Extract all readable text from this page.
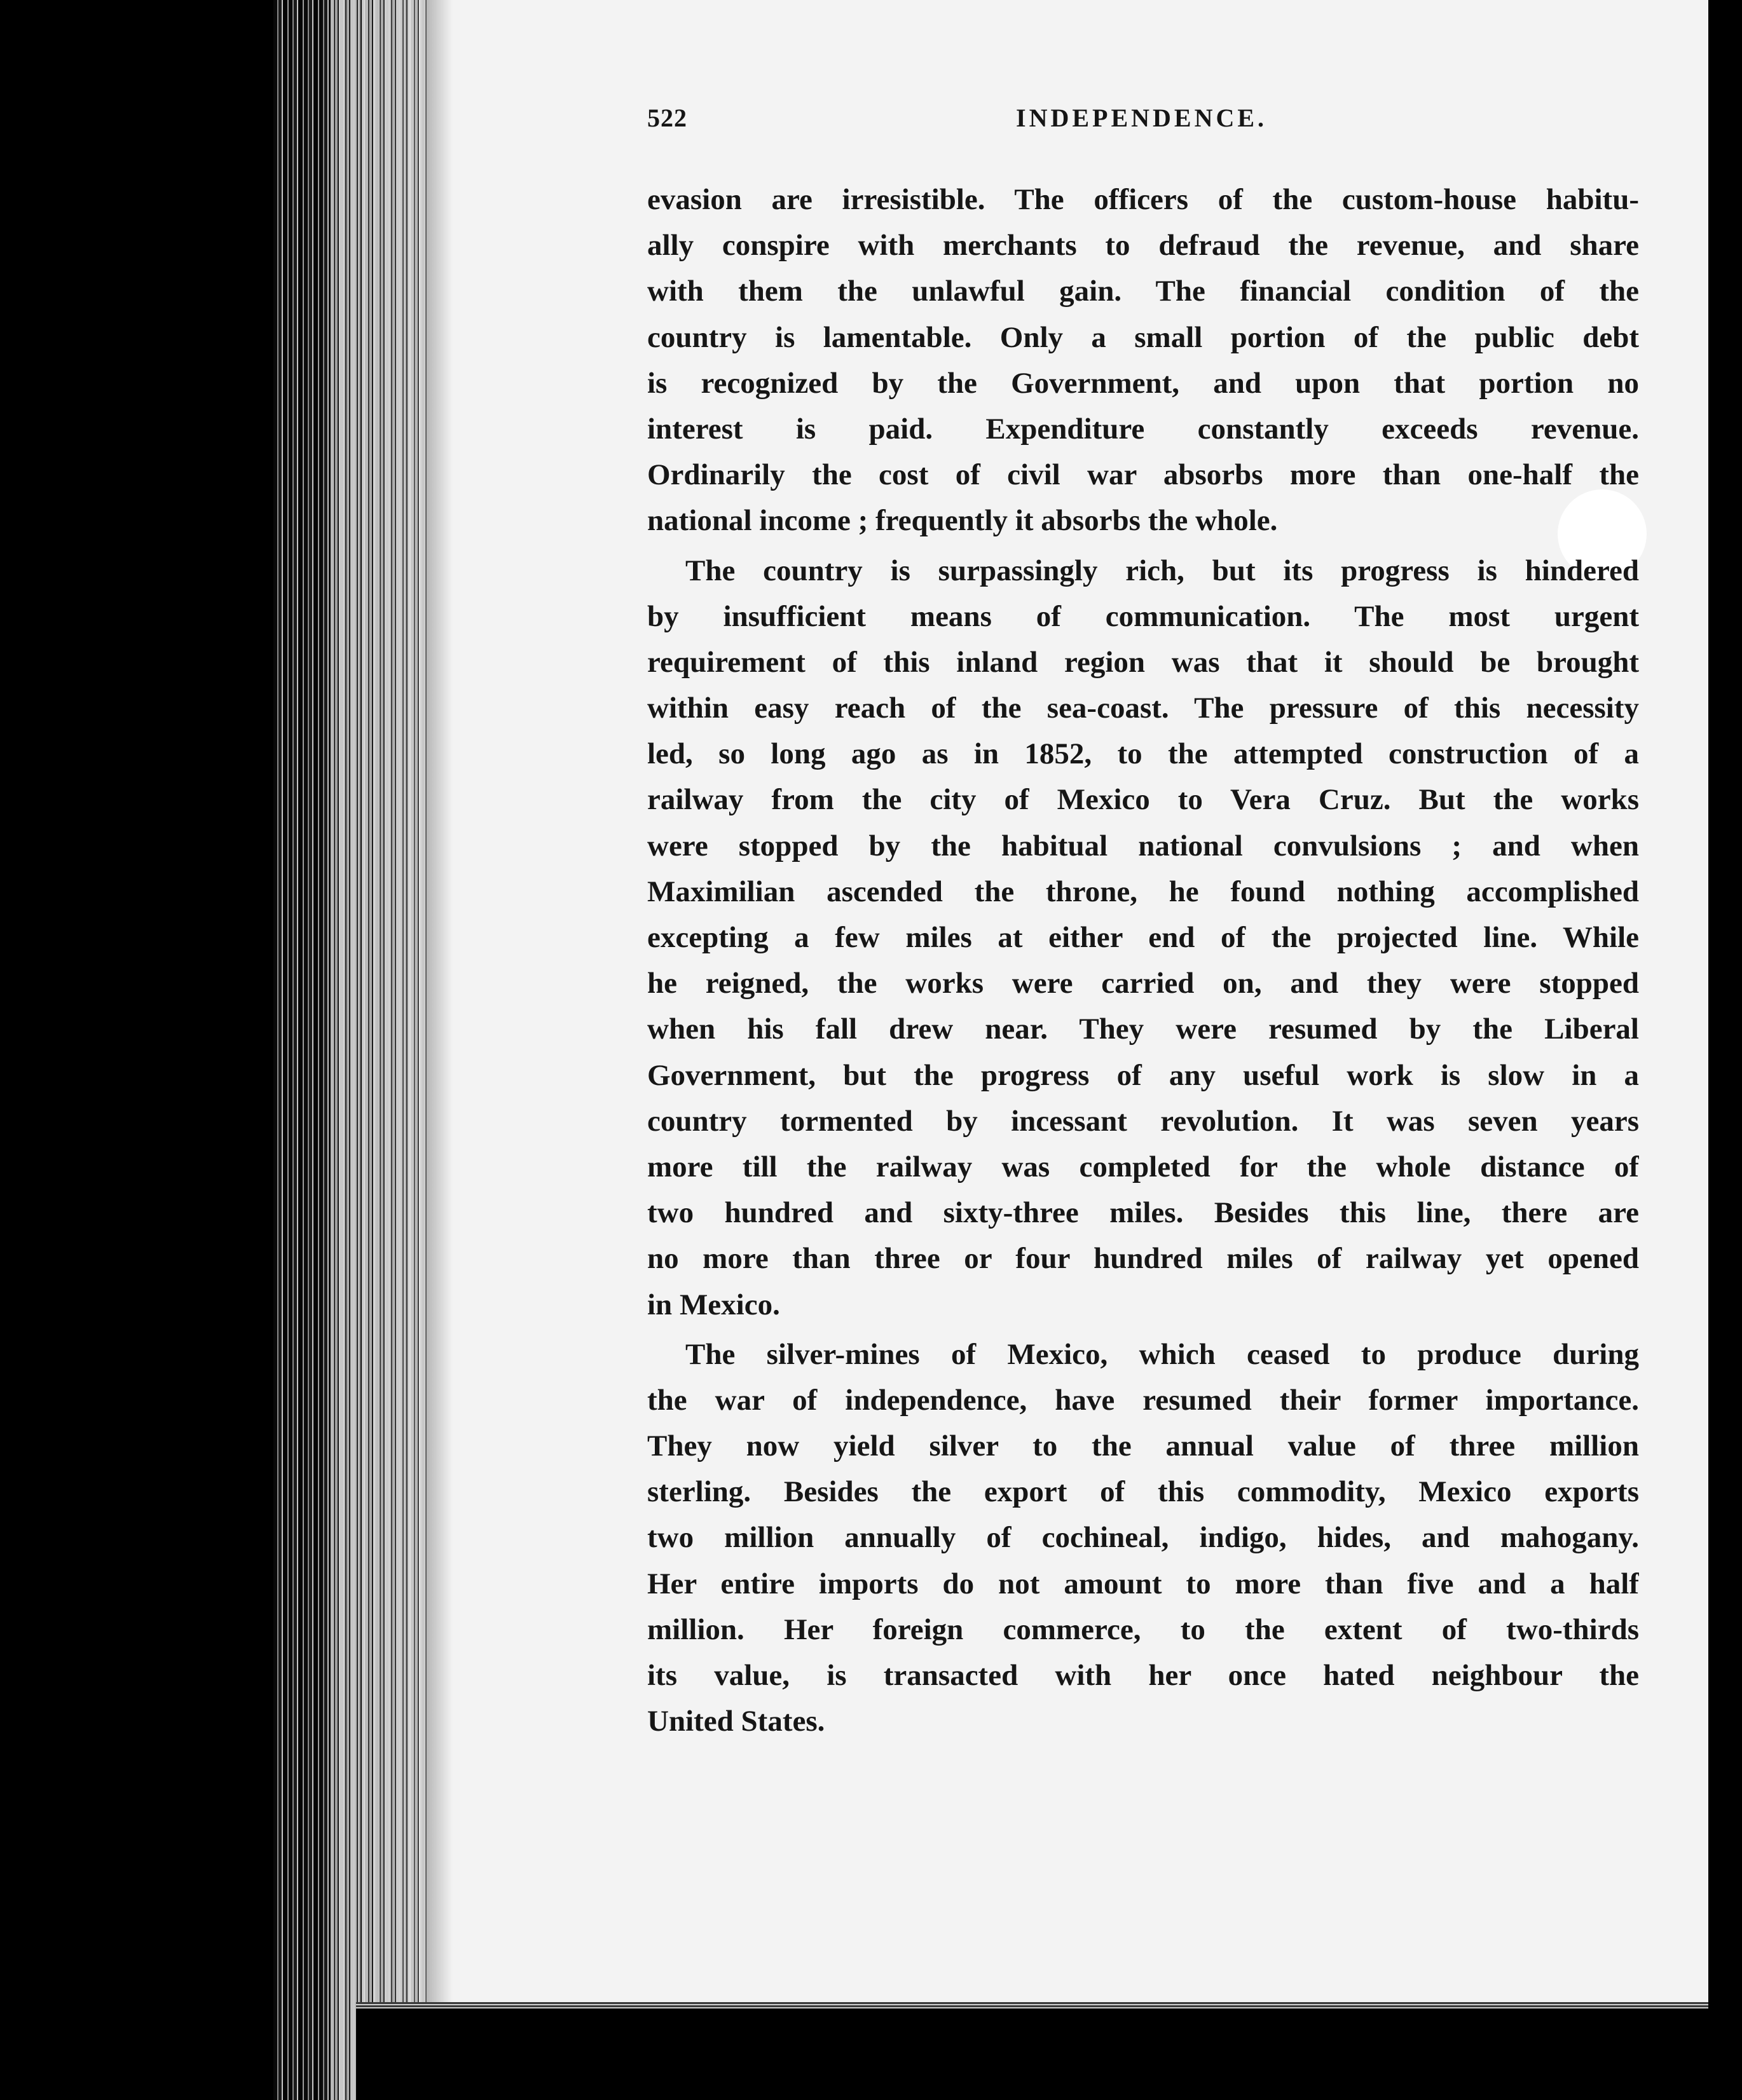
522	INDEPENDENCE.
evasion are irresistible. The officers of the custom-house habitu-
ally conspire with merchants to defraud the revenue, and share
with them the unlawful gain. The financial condition of the
country is lamentable. Only a small portion of the public debt
is recognized by the Government, and upon that portion no
interest is paid. Expenditure constantly exceeds revenue.
Ordinarily the cost of civil war absorbs more than one-half the
national income ; frequently it absorbs the whole.
The country is surpassingly rich, but its progress is hindered
by insufficient means of communication. The most urgent
requirement of this inland region was that it should be brought
within easy reach of the sea-coast. The pressure of this necessity
led, so long ago as in 1852, to the attempted construction of a
railway from the city of Mexico to Vera Cruz. But the works
were stopped by the habitual national convulsions ; and when
Maximilian ascended the throne, he found nothing accomplished
excepting a few miles at either end of the projected line. While
he reigned, the works were carried on, and they were stopped
when his fall drew near. They were resumed by the Liberal
Government, but the progress of any useful work is slow in a
country tormented by incessant revolution. It was seven years
more till the railway was completed for the whole distance of
two hundred and sixty-three miles. Besides this line, there are
no more than three or four hundred miles of railway yet opened
in Mexico.
The silver-mines of Mexico, which ceased to produce during
the war of independence, have resumed their former importance.
They now yield silver to the annual value of three million
sterling. Besides the export of this commodity, Mexico exports
two million annually of cochineal, indigo, hides, and mahogany.
Her entire imports do not amount to more than five and a half
million. Her foreign commerce, to the extent of two-thirds
its value, is transacted with her once hated neighbour the
United States.
